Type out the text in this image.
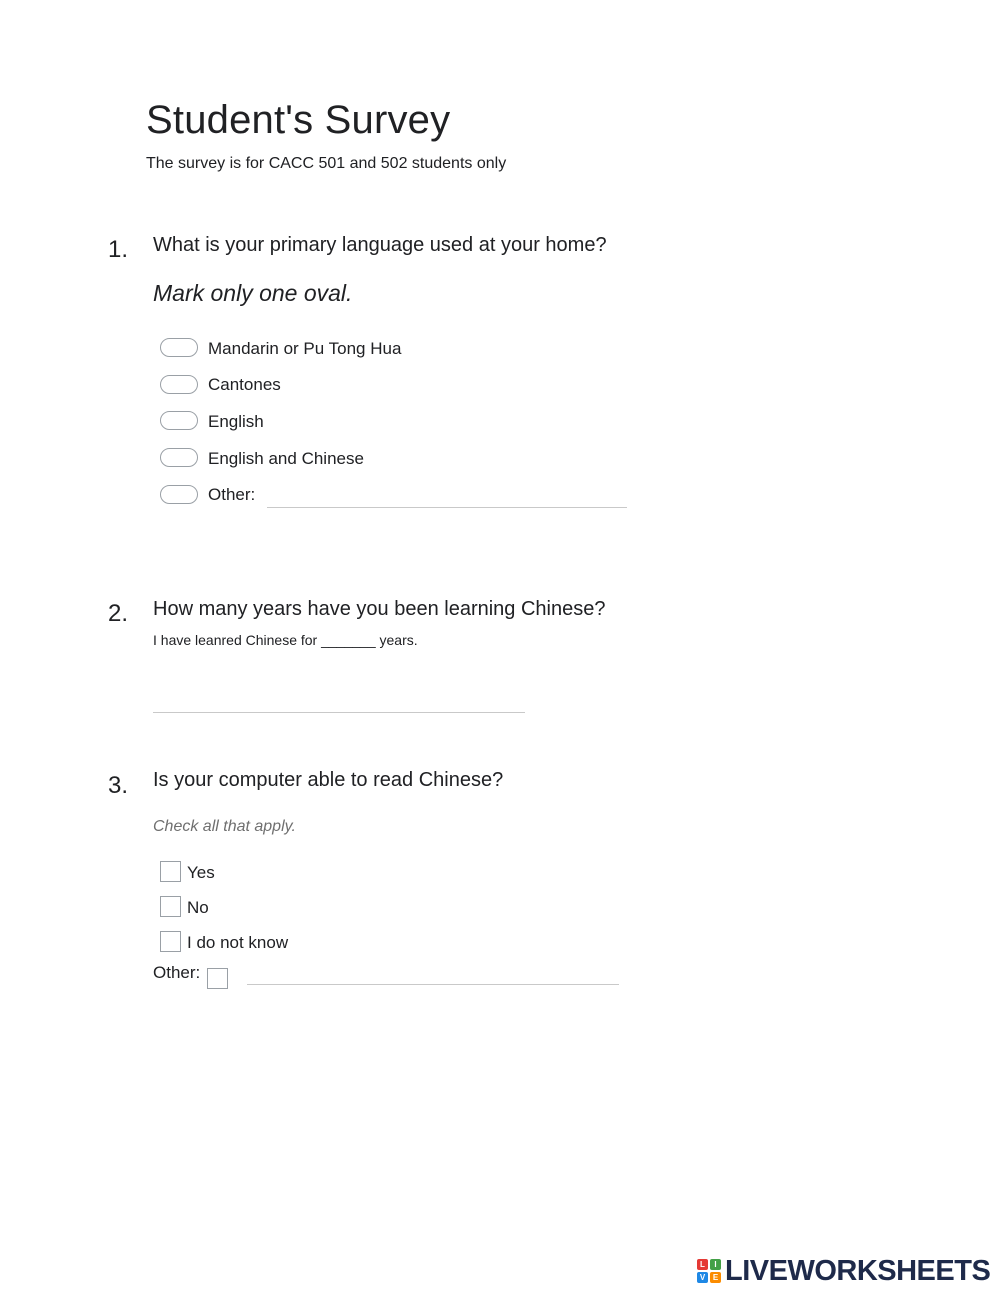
Student's Survey
The survey is for CACC 501 and 502 students only
1. What is your primary language used at your home?
Mark only one oval.
Mandarin or Pu Tong Hua
Cantones
English
English and Chinese
Other:
2. How many years have you been learning Chinese?
I have leanred Chinese for _______ years.
3. Is your computer able to read Chinese?
Check all that apply.
Yes
No
I do not know
Other:
L	I
V E LIVEWORKSHEETS
